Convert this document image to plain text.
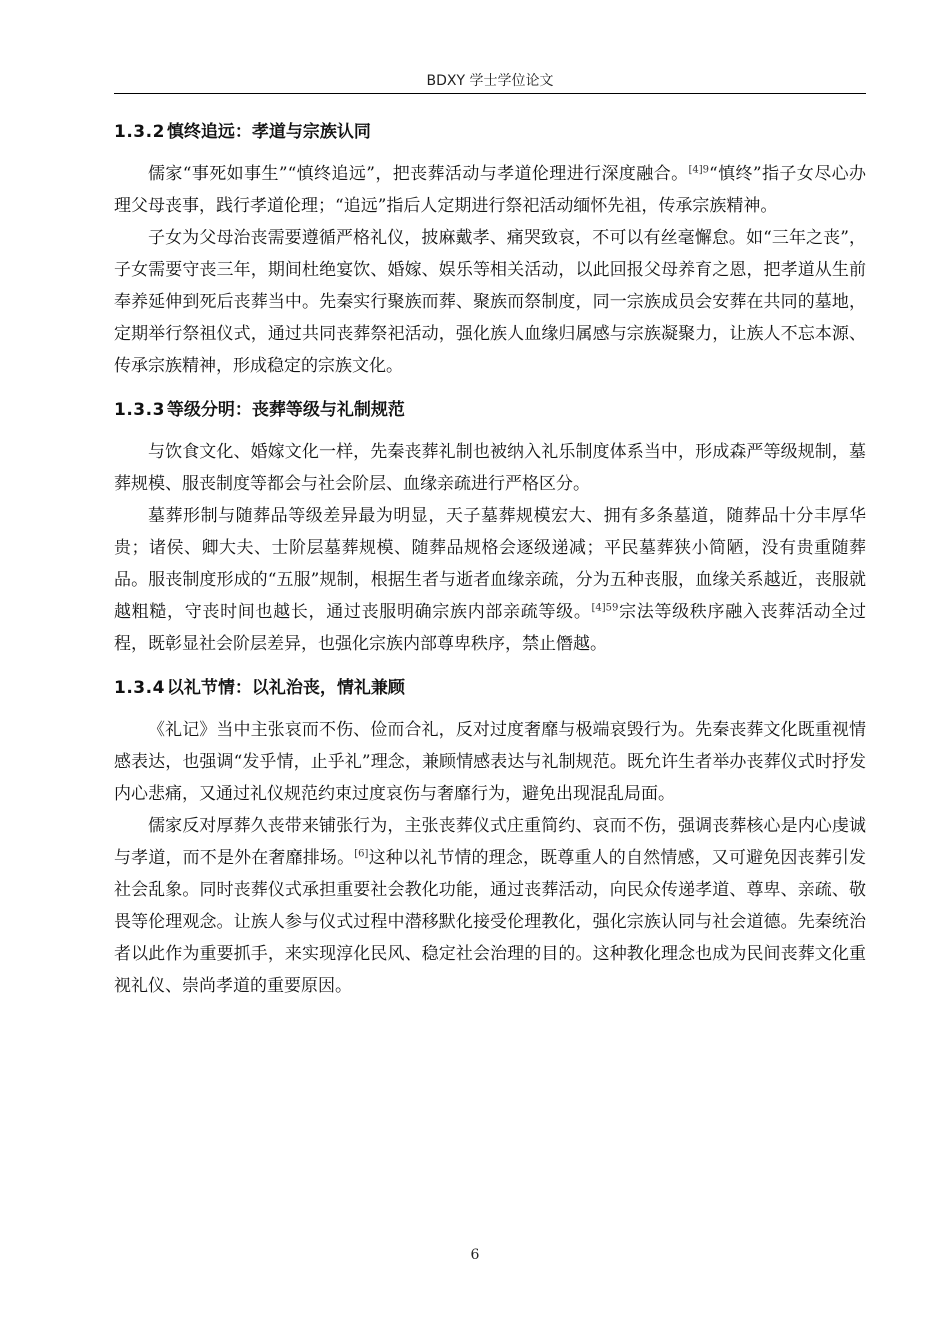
BDXY 学士学位论文
1.3.2 慎终追远：孝道与宗族认同

儒家“事死如事生”“慎终追远”，把丧葬活动与孝道伦理进行深度融合。$^{[4]9}$“慎终”指子女尽心办理父母丧事，践行孝道伦理；“追远”指后人定期进行祭祀活动缅怀先祖，传承宗族精神。

子女为父母治丧需要遵循严格礼仪，披麻戴孝、痛哭致哀，不可以有丝毫懈怠。如“三年之丧”，子女需要守丧三年，期间杜绝宴饮、婚嫁、娱乐等相关活动，以此回报父母养育之恩，把孝道从生前奉养延伸到死后丧葬当中。先秦实行聚族而葬、聚族而祭制度，同一宗族成员会安葬在共同的墓地，定期举行祭祖仪式，通过共同丧葬祭祀活动，强化族人血缘归属感与宗族凝聚力，让族人不忘本源、传承宗族精神，形成稳定的宗族文化。

1.3.3 等级分明：丧葬等级与礼制规范

与饮食文化、婚嫁文化一样，先秦丧葬礼制也被纳入礼乐制度体系当中，形成森严等级规制，墓葬规模、服丧制度等都会与社会阶层、血缘亲疏进行严格区分。

墓葬形制与随葬品等级差异最为明显，天子墓葬规模宏大、拥有多条墓道，随葬品十分丰厚华贵；诸侯、卿大夫、士阶层墓葬规模、随葬品规格会逐级递减；平民墓葬狭小简陋，没有贵重随葬品。服丧制度形成的“五服”规制，根据生者与逝者血缘亲疏，分为五种丧服，血缘关系越近，丧服就越粗糙，守丧时间也越长，通过丧服明确宗族内部亲疏等级。$^{[4]59}$宗法等级秩序融入丧葬活动全过程，既彰显社会阶层差异，也强化宗族内部尊卑秩序，禁止僭越。

1.3.4 以礼节情：以礼治丧，情礼兼顾

《礼记》当中主张哀而不伤、俭而合礼，反对过度奢靡与极端哀毁行为。先秦丧葬文化既重视情感表达，也强调“发乎情，止乎礼”理念，兼顾情感表达与礼制规范。既允许生者举办丧葬仪式时抒发内心悲痛，又通过礼仪规范约束过度哀伤与奢靡行为，避免出现混乱局面。

儒家反对厚葬久丧带来铺张行为，主张丧葬仪式庄重简约、哀而不伤，强调丧葬核心是内心虔诚与孝道，而不是外在奢靡排场。[6]这种以礼节情的理念，既尊重人的自然情感，又可避免因丧葬引发社会乱象。同时丧葬仪式承担重要社会教化功能，通过丧葬活动，向民众传递孝道、尊卑、亲疏、敬畏等伦理观念。让族人参与仪式过程中潜移默化接受伦理教化，强化宗族认同与社会道德。先秦统治者以此作为重要抓手，来实现淳化民风、稳定社会治理的目的。这种教化理念也成为民间丧葬文化重视礼仪、崇尚孝道的重要原因。

6
